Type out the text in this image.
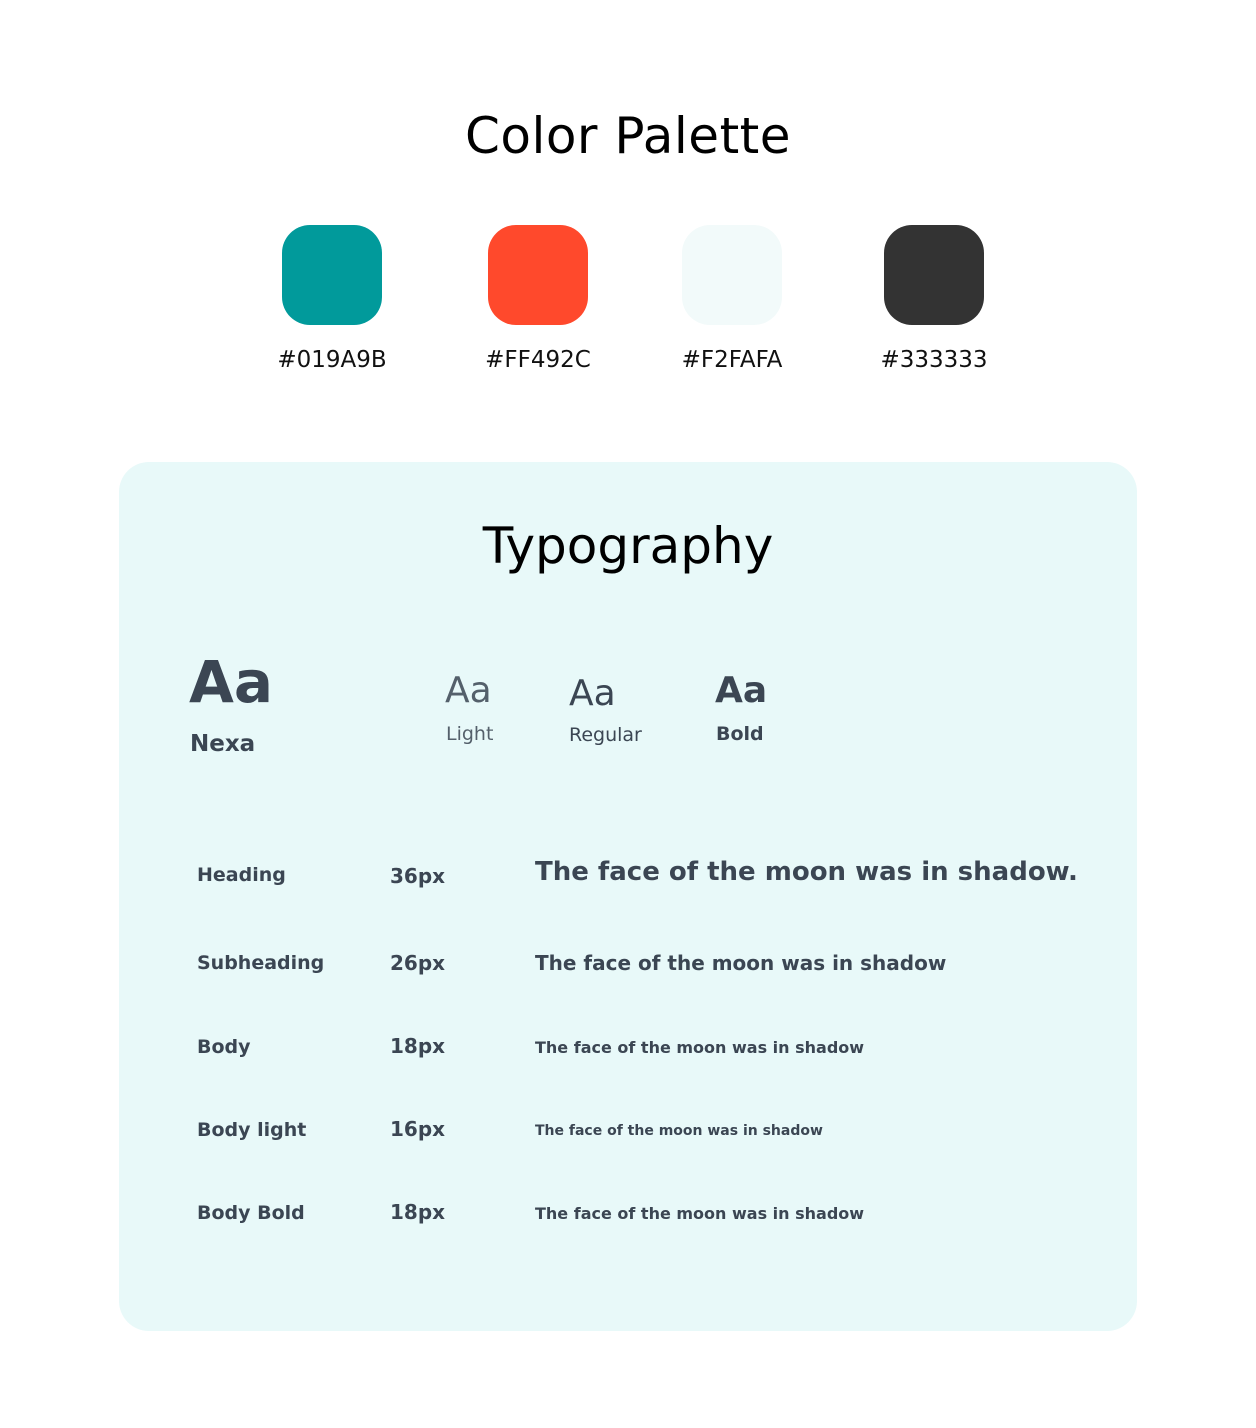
Color Palette
#019A9B	#FF492C	#F2FAFA	#333333
Typography
Aa
Nexa
Aa
Light
Aa
Regular
Aa
Bold
Heading	36px	The face of the moon was in shadow.
Subheading	26px	The face of the moon was in shadow
Body	18px	The face of the moon was in shadow
Body light	16px	The face of the moon was in shadow
Body Bold	18px	The face of the moon was in shadow
